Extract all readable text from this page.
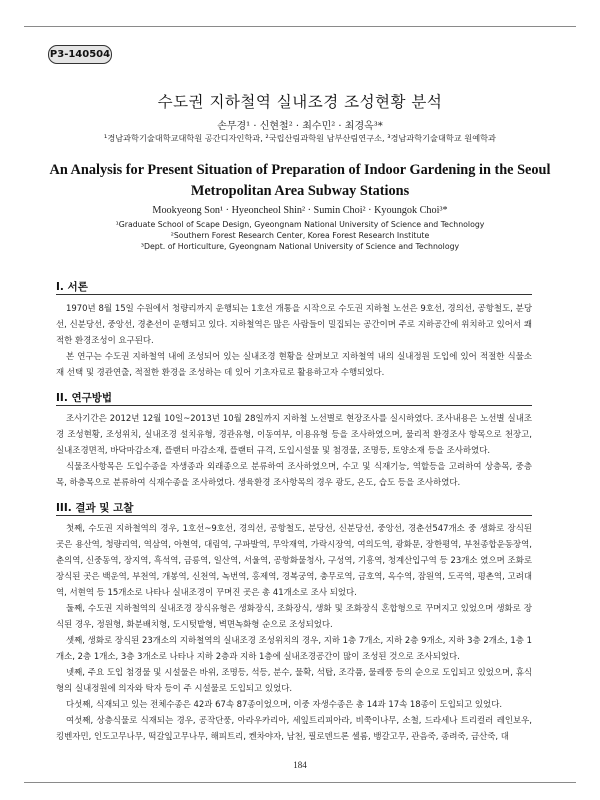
P3-140504
수도권 지하철역 실내조경 조성현황 분석
손무경¹ · 신현철² · 최수민² · 최경옥³*
¹경남과학기술대학교대학원 공간디자인학과, ²국립산림과학원 남부산림연구소, ³경남과학기술대학교 원예학과
An Analysis for Present Situation of Preparation of Indoor Gardening in the Seoul Metropolitan Area Subway Stations
Mookyeong Son¹ · Hyeoncheol Shin² · Sumin Choi² · Kyoungok Choi³*
¹Graduate School of Scape Design, Gyeongnam National University of Science and Technology
²Southern Forest Research Center, Korea Forest Research Institute
³Dept. of Horticulture, Gyeongnam National University of Science and Technology
I. 서론
1970년 8월 15일 수원에서 청량리까지 운행되는 1호선 개통을 시작으로 수도권 지하철 노선은 9호선, 경의선, 공항철도, 분당선, 신분당선, 중앙선, 경춘선이 운행되고 있다. 지하철역은 많은 사람들이 밀집되는 공간이며 주로 지하공간에 위치하고 있어서 쾌적한 환경조성이 요구된다.
본 연구는 수도권 지하철역 내에 조성되어 있는 실내조경 현황을 살펴보고 지하철역 내의 실내정원 도입에 있어 적절한 식물소재 선택 및 경관연출, 적절한 환경을 조성하는 데 있어 기초자료로 활용하고자 수행되었다.
II. 연구방법
조사기간은 2012년 12월 10일~2013년 10월 28일까지 지하철 노선별로 현장조사를 실시하였다. 조사내용은 노선별 실내조경 조성현황, 조성위치, 실내조경 설치유형, 경관유형, 이동여부, 이용유형 등을 조사하였으며, 물리적 환경조사 항목으로 천장고, 실내조경면적, 바닥마감소재, 플랜터 마감소재, 플랜터 규격, 도입시설물 및 첨경물, 조명등, 토양소재 등을 조사하였다.
식물조사항목은 도입수종을 자생종과 외래종으로 분류하여 조사하였으며, 수고 및 식재기능, 역할등을 고려하여 상층목, 중층목, 하층목으로 분류하여 식재수종을 조사하였다. 생육환경 조사항목의 경우 광도, 온도, 습도 등을 조사하였다.
III. 결과 및 고찰
첫째, 수도권 지하철역의 경우, 1호선~9호선, 경의선, 공항철도, 분당선, 신분당선, 중앙선, 경춘선547개소 중 생화로 장식된 곳은 용산역, 청량리역, 역삼역, 아현역, 대림역, 구파발역, 무악재역, 가락시장역, 여의도역, 광화문, 장한평역, 부천종합운동장역, 춘의역, 신중동역, 장지역, 흑석역, 금릉역, 일산역, 서울역, 공항화물청사, 구성역, 기흥역, 청계산입구역 등 23개소 였으며 조화로 장식된 곳은 백운역, 부천역, 개봉역, 신천역, 녹번역, 홍제역, 경복궁역, 충무로역, 금호역, 옥수역, 잠원역, 도곡역, 평촌역, 고려대역, 서현역 등 15개소로 나타나 실내조경이 꾸며진 곳은 총 41개소로 조사 되었다.
둘째, 수도권 지하철역의 실내조경 장식유형은 생화장식, 조화장식, 생화 및 조화장식 혼합형으로 꾸며지고 있었으며 생화로 장식된 경우, 정원형, 화분배치형, 도시텃밭형, 벽면녹화형 순으로 조성되었다.
셋째, 생화로 장식된 23개소의 지하철역의 실내조경 조성위치의 경우, 지하 1층 7개소, 지하 2층 9개소, 지하 3층 2개소, 1층 1개소, 2층 1개소, 3층 3개소로 나타나 지하 2층과 지하 1층에 실내조경공간이 많이 조성된 것으로 조사되었다.
넷째, 주요 도입 첨경물 및 시설물은 바위, 조명등, 석등, 분수, 물확, 석탑, 조각품, 물레풍 등의 순으로 도입되고 있었으며, 휴식형의 실내정원에 의자와 탁자 등이 주 시설물로 도입되고 있었다.
다섯째, 식재되고 있는 전체수종은 42과 67속 87종이었으며, 이중 자생수종은 총 14과 17속 18종이 도입되고 있었다.
여섯째, 상층식물로 식재되는 경우, 공작단풍, 아라우카리아, 세잎트리피아라, 비쭉이나무, 소철, 드라세나 트리컬러 레인보우, 킹벤자민, 인도고무나무, 떡갈잎고무나무, 해피트리, 켄차야자, 남천, 필로덴드론 셀롬, 뱅갈고무, 관음죽, 종려죽, 금산죽, 대
184
